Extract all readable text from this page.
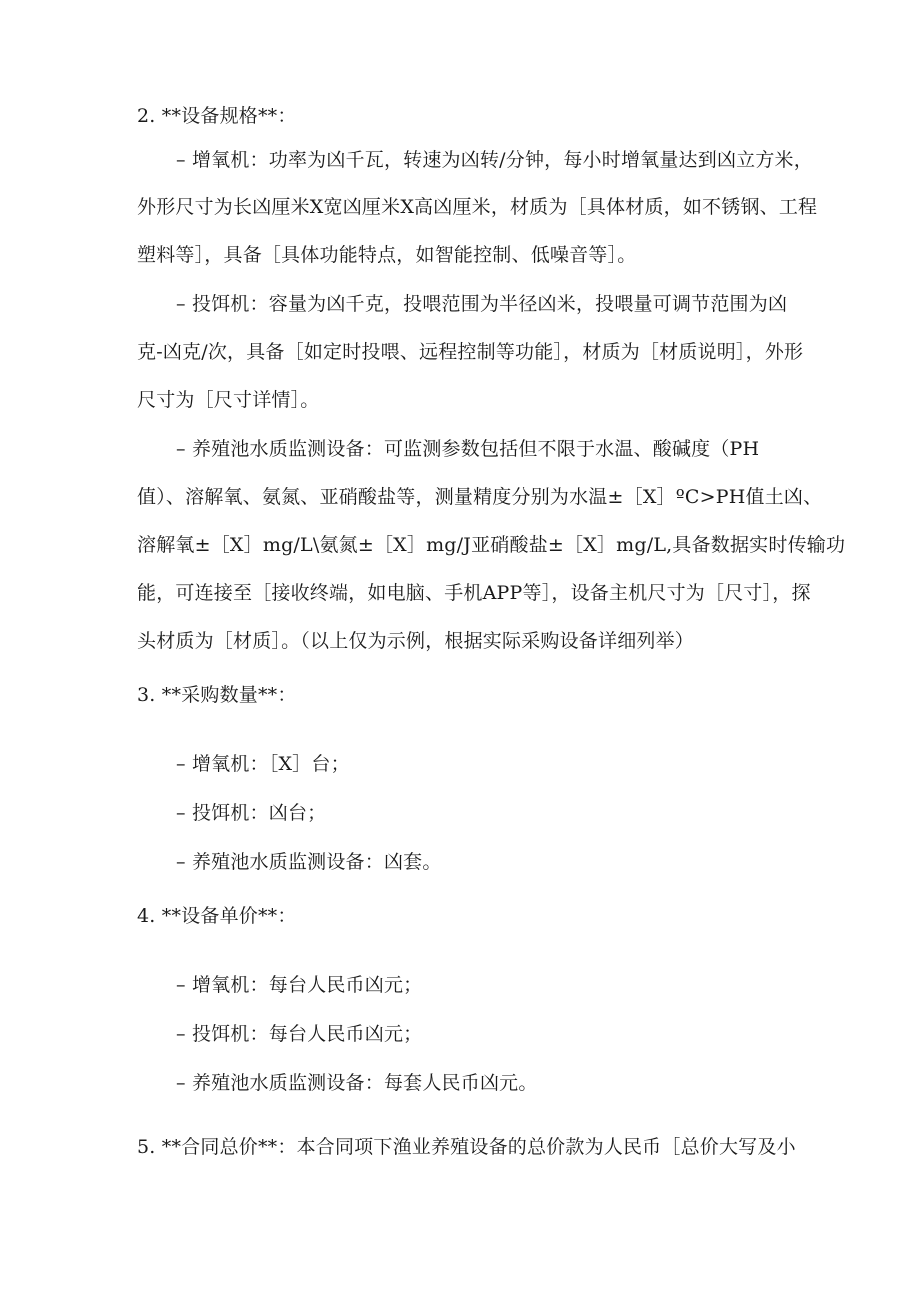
2. **设备规格**：
– 增氧机：功率为凶千瓦，转速为凶转/分钟，每小时增氧量达到凶立方米，
外形尺寸为长凶厘米X宽凶厘米X高凶厘米，材质为［具体材质，如不锈钢、工程
塑料等］，具备［具体功能特点，如智能控制、低噪音等］。
– 投饵机：容量为凶千克，投喂范围为半径凶米，投喂量可调节范围为凶
克-凶克/次，具备［如定时投喂、远程控制等功能］，材质为［材质说明］，外形
尺寸为［尺寸详情］。
– 养殖池水质监测设备：可监测参数包括但不限于水温、酸碱度（PH
值）、溶解氧、氨氮、亚硝酸盐等，测量精度分别为水温±［X］ºC>PH值土凶、
溶解氧±［X］mg/L\氨氮±［X］mg/J亚硝酸盐±［X］mg/L,具备数据实时传输功
能，可连接至［接收终端，如电脑、手机APP等］，设备主机尺寸为［尺寸］，探
头材质为［材质］。（以上仅为示例，根据实际采购设备详细列举）
3. **采购数量**：
– 增氧机：［X］台；
– 投饵机：凶台；
– 养殖池水质监测设备：凶套。
4. **设备单价**：
– 增氧机：每台人民币凶元；
– 投饵机：每台人民币凶元；
– 养殖池水质监测设备：每套人民币凶元。
5. **合同总价**：本合同项下渔业养殖设备的总价款为人民币［总价大写及小
